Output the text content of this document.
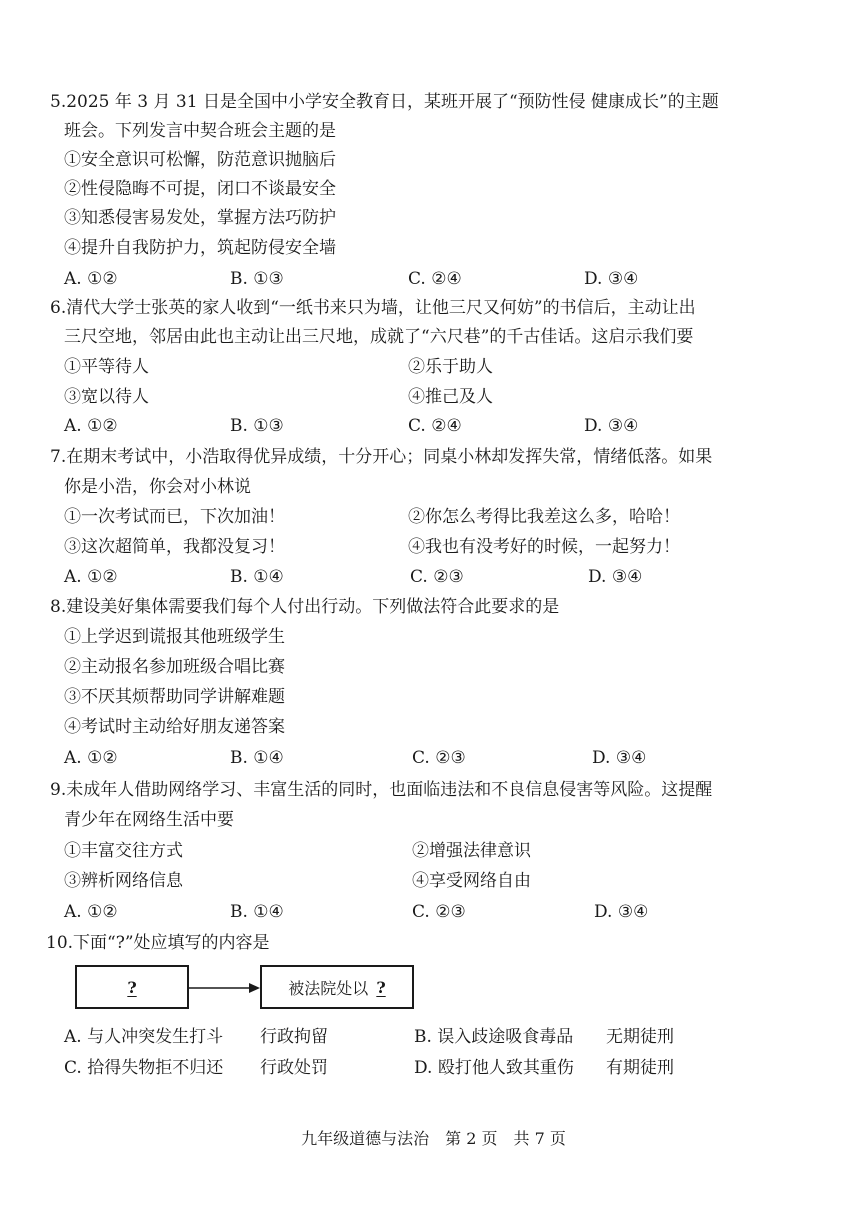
5.2025 年 3 月 31 日是全国中小学安全教育日，某班开展了“预防性侵 健康成长”的主题
班会。下列发言中契合班会主题的是
①安全意识可松懈，防范意识抛脑后
②性侵隐晦不可提，闭口不谈最安全
③知悉侵害易发处，掌握方法巧防护
④提升自我防护力，筑起防侵安全墙
A. ①②	B. ①③	C. ②④	D. ③④
6.清代大学士张英的家人收到“一纸书来只为墙，让他三尺又何妨”的书信后，主动让出
三尺空地，邻居由此也主动让出三尺地，成就了“六尺巷”的千古佳话。这启示我们要
①平等待人	②乐于助人
③宽以待人	④推己及人
A. ①②	B. ①③	C. ②④	D. ③④
7.在期末考试中，小浩取得优异成绩，十分开心；同桌小林却发挥失常，情绪低落。如果
你是小浩，你会对小林说
①一次考试而已，下次加油！	②你怎么考得比我差这么多，哈哈！
③这次超简单，我都没复习！	④我也有没考好的时候，一起努力！
A. ①②	B. ①④	C. ②③	D. ③④
8.建设美好集体需要我们每个人付出行动。下列做法符合此要求的是
①上学迟到谎报其他班级学生
②主动报名参加班级合唱比赛
③不厌其烦帮助同学讲解难题
④考试时主动给好朋友递答案
A. ①②	B. ①④	C. ②③	D. ③④
9.未成年人借助网络学习、丰富生活的同时，也面临违法和不良信息侵害等风险。这提醒
青少年在网络生活中要
①丰富交往方式	②增强法律意识
③辨析网络信息	④享受网络自由
A. ①②	B. ①④	C. ②③	D. ③④
10.下面“?”处应填写的内容是
?	被法院处以 ?
A. 与人冲突发生打斗 行政拘留	B. 误入歧途吸食毒品 无期徒刑
C. 拾得失物拒不归还 行政处罚	D. 殴打他人致其重伤 有期徒刑
九年级道德与法治　第 2 页　共 7 页
